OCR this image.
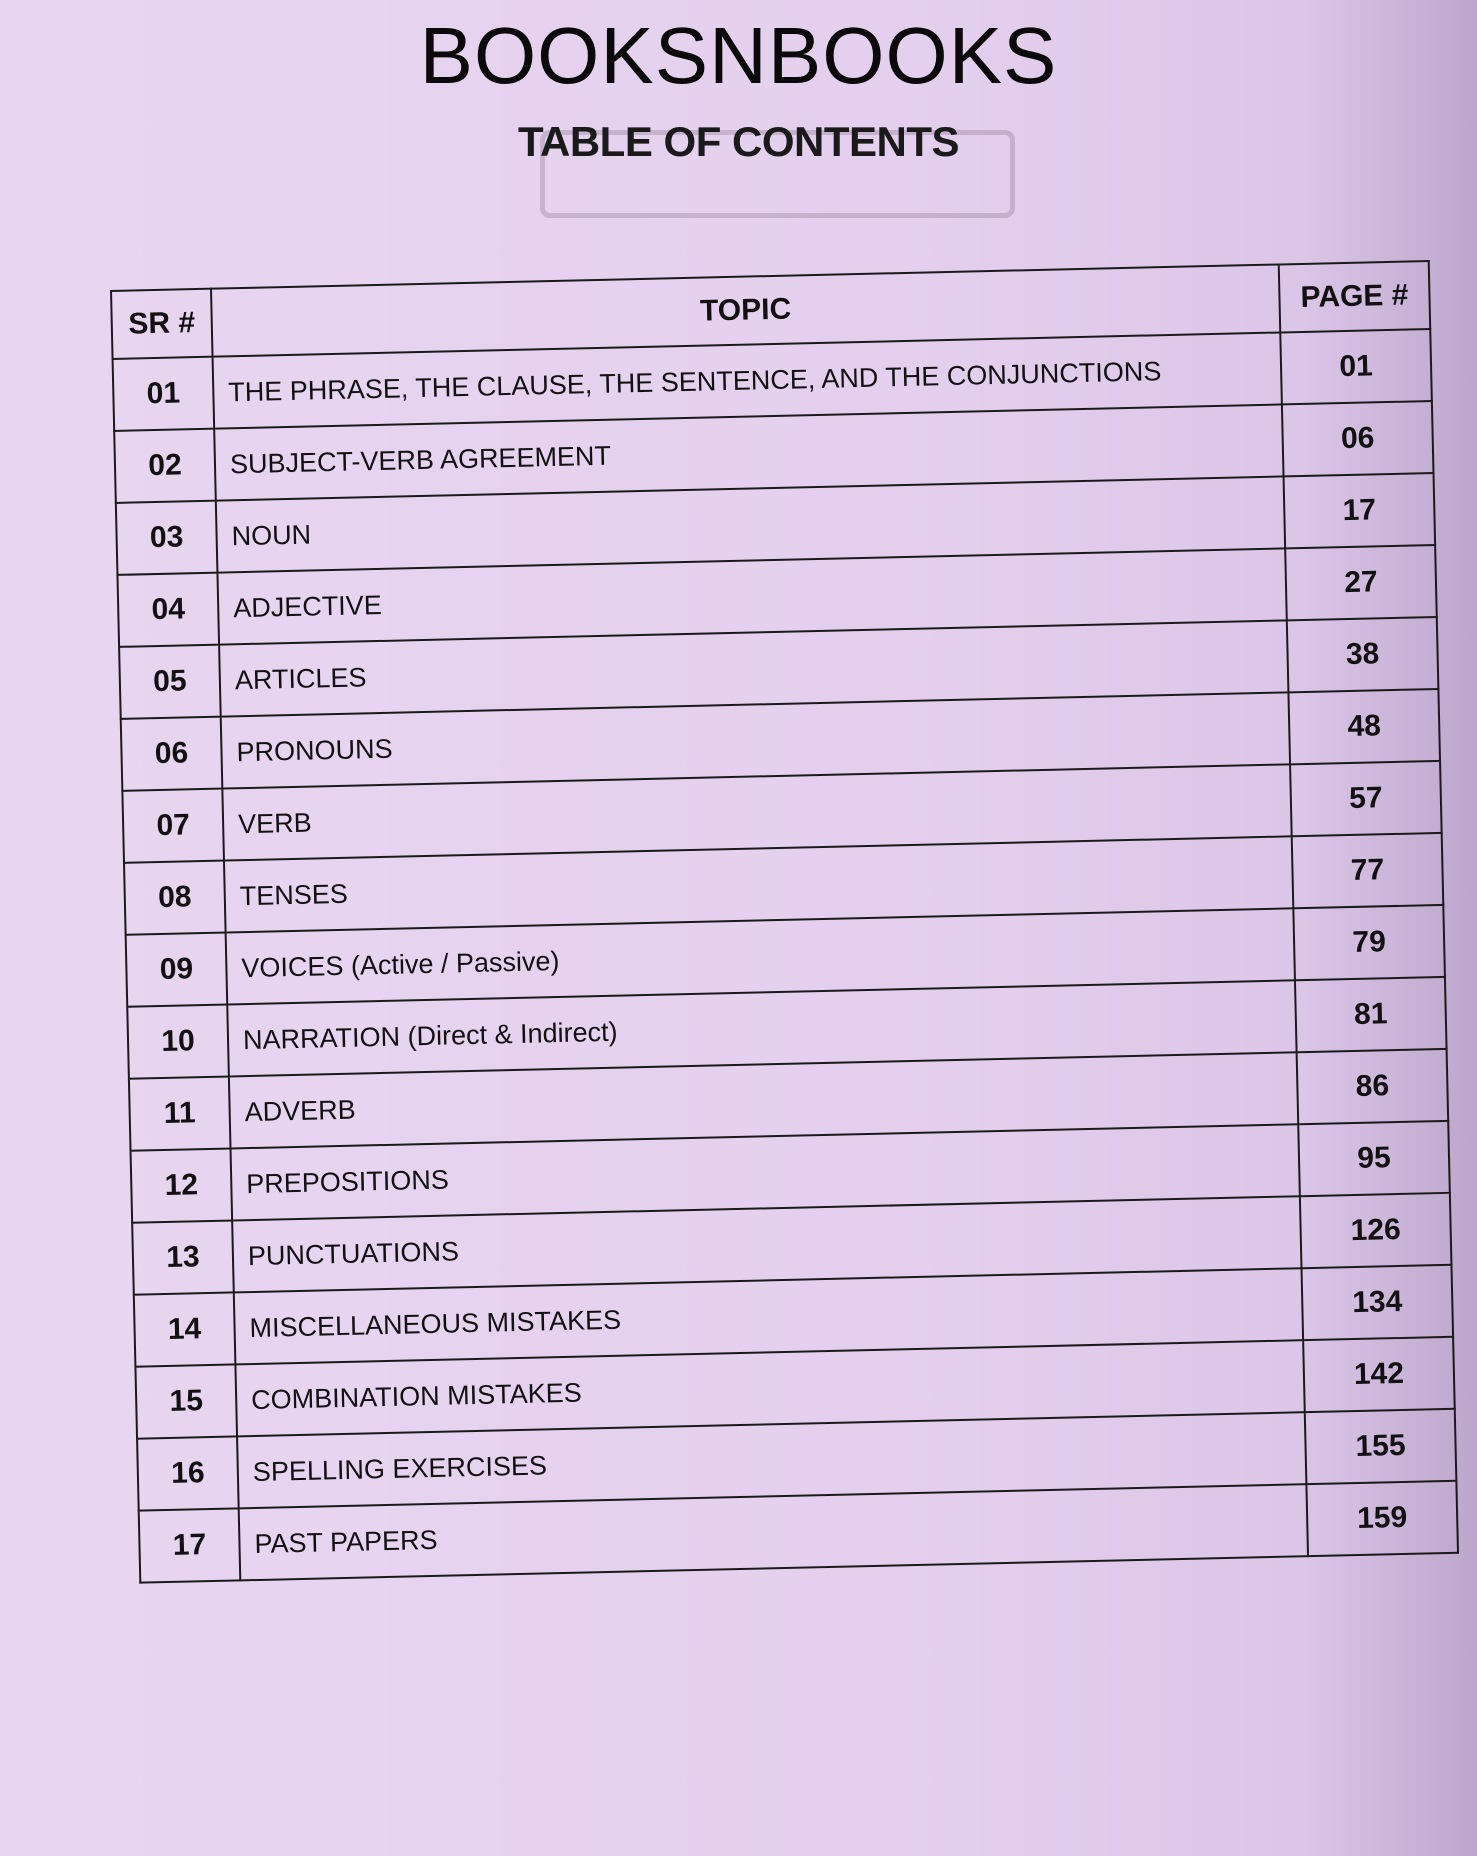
BOOKSNBOOKS
TABLE OF CONTENTS
SR #	TOPIC	PAGE #
01	THE PHRASE, THE CLAUSE, THE SENTENCE, AND THE CONJUNCTIONS	01
02	SUBJECT-VERB AGREEMENT	06
03	NOUN	17
04	ADJECTIVE	27
05	ARTICLES	38
06	PRONOUNS	48
07	VERB	57
08	TENSES	77
09	VOICES (Active / Passive)	79
10	NARRATION (Direct & Indirect)	81
11	ADVERB	86
12	PREPOSITIONS	95
13	PUNCTUATIONS	126
14	MISCELLANEOUS MISTAKES	134
15	COMBINATION MISTAKES	142
16	SPELLING EXERCISES	155
17	PAST PAPERS	159
